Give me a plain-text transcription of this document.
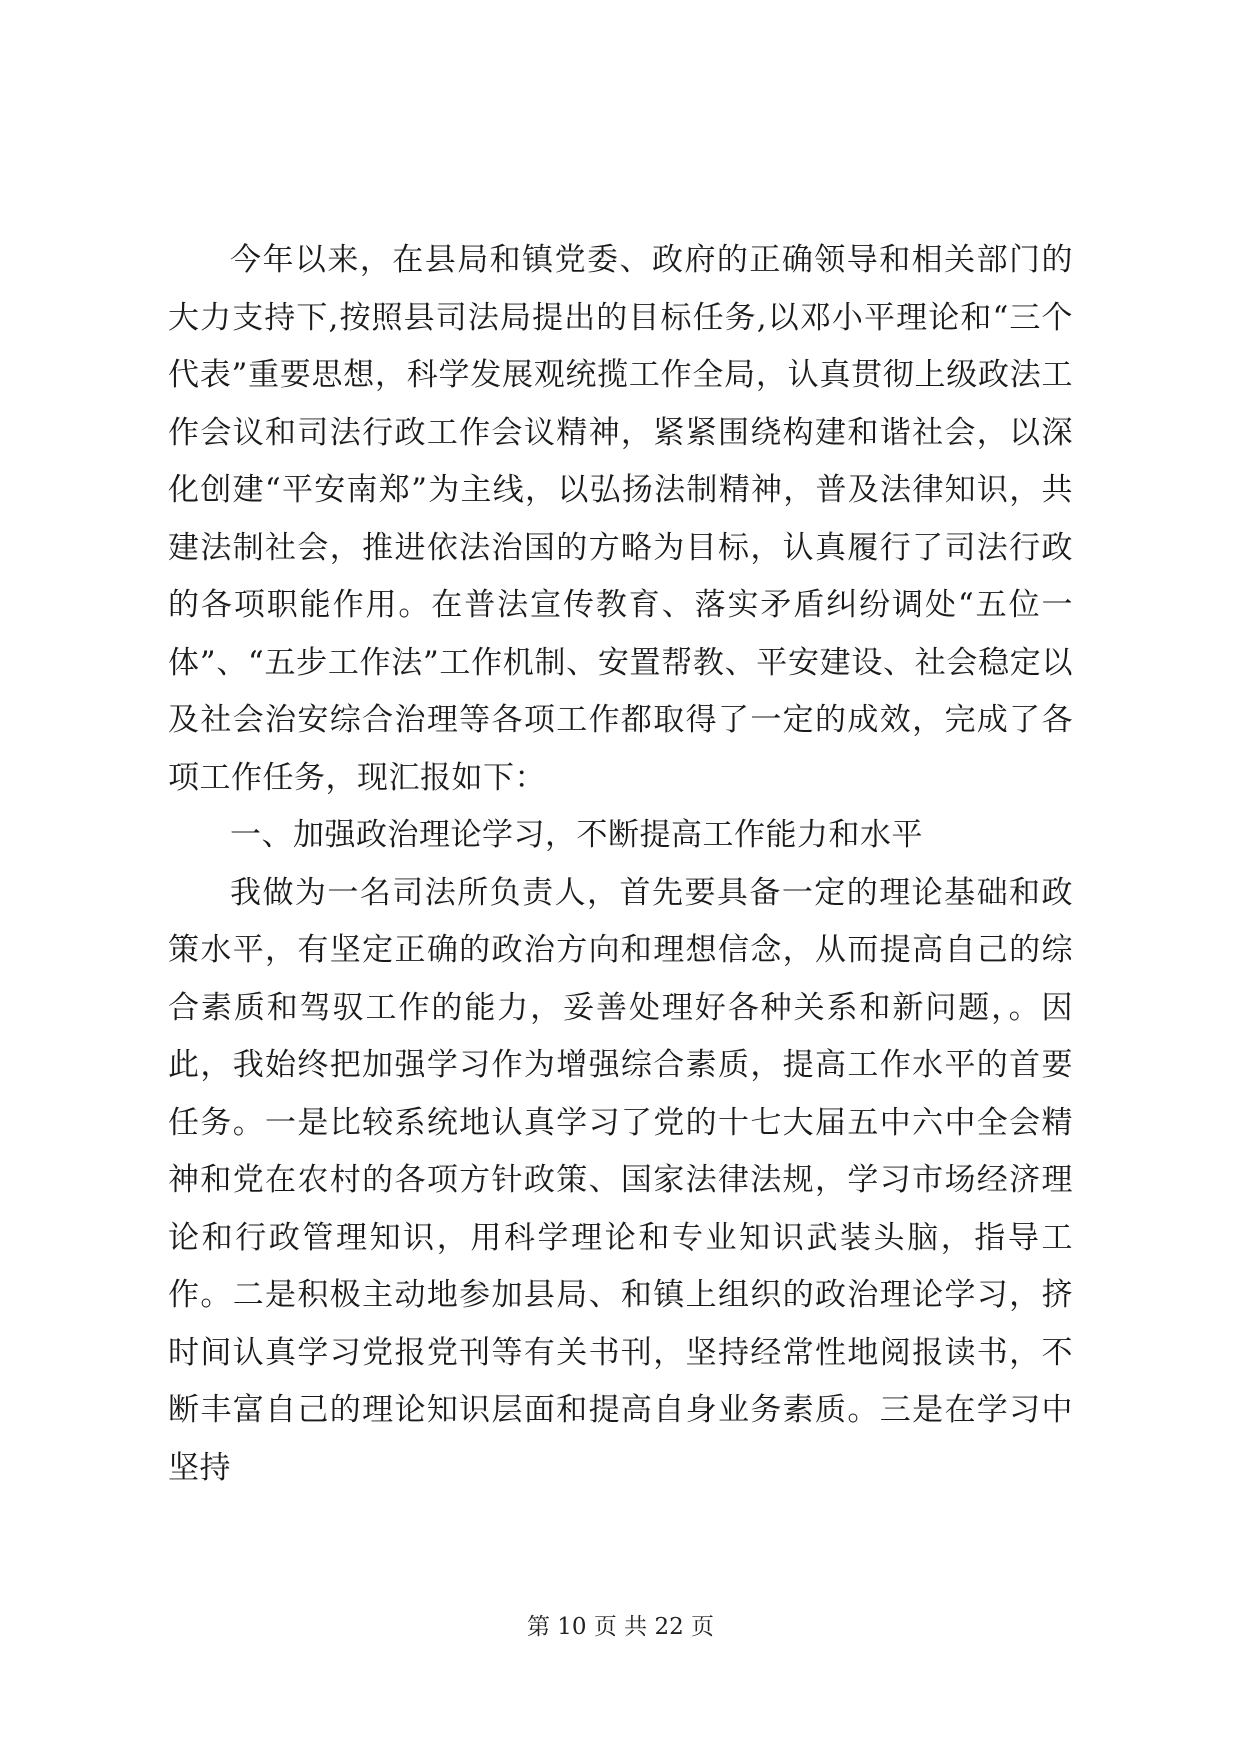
今年以来，在县局和镇党委、政府的正确领导和相关部门的大力支持下,按照县司法局提出的目标任务,以邓小平理论和“三个代表”重要思想，科学发展观统揽工作全局，认真贯彻上级政法工作会议和司法行政工作会议精神，紧紧围绕构建和谐社会，以深化创建“平安南郑”为主线，以弘扬法制精神，普及法律知识，共建法制社会，推进依法治国的方略为目标，认真履行了司法行政的各项职能作用。在普法宣传教育、落实矛盾纠纷调处“五位一体”、“五步工作法”工作机制、安置帮教、平安建设、社会稳定以及社会治安综合治理等各项工作都取得了一定的成效，完成了各项工作任务，现汇报如下：

一、加强政治理论学习，不断提高工作能力和水平

我做为一名司法所负责人，首先要具备一定的理论基础和政策水平，有坚定正确的政治方向和理想信念，从而提高自己的综合素质和驾驭工作的能力，妥善处理好各种关系和新问题，。因此，我始终把加强学习作为增强综合素质，提高工作水平的首要任务。一是比较系统地认真学习了党的十七大届五中六中全会精神和党在农村的各项方针政策、国家法律法规，学习市场经济理论和行政管理知识，用科学理论和专业知识武装头脑，指导工作。二是积极主动地参加县局、和镇上组织的政治理论学习，挤时间认真学习党报党刊等有关书刊，坚持经常性地阅报读书，不断丰富自己的理论知识层面和提高自身业务素质。三是在学习中坚持

第 10 页 共 22 页
